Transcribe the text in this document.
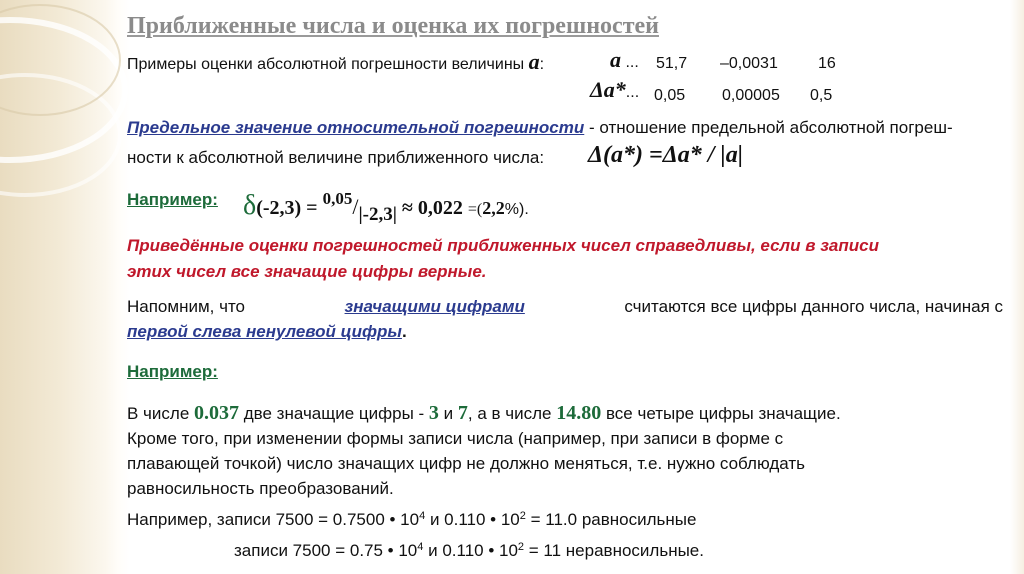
Приближенные числа и оценка их погрешностей
Примеры оценки абсолютной погрешности величины а:	а ... 51,7 –0,0031	16
Δа*... 0,05 0,00005 0,5
Предельное значение относительной погрешности - отношение предельной абсолютной погреш-
ности к абсолютной величине приближенного числа: Δ(а*) =Δа* / |а|
Например: δ(-2,3) = $^{0,05}$/|-2,3| ≈ 0,022 =(2,2%).
Приведённые оценки погрешностей приближенных чисел справедливы, если в записи
этих чисел все значащие цифры верные.
Напомним, что	значащими цифрами	считаются все цифры данного числа, начиная с
первой слева ненулевой цифры.
Например:
В числе 0.037 две значащие цифры - 3 и 7, а в числе 14.80 все четыре цифры значащие.
Кроме того, при изменении формы записи числа (например, при записи в форме с
плавающей точкой) число значащих цифр не должно меняться, т.е. нужно соблюдать
равносильность преобразований.
Например, записи 7500 = 0.7500 • $10^4$ и 0.110 • $10^2 = 11.0$ равносильные
записи 7500 = 0.75 • $10^4$ и 0.110 • $10^2 = 11$ неравносильные.
